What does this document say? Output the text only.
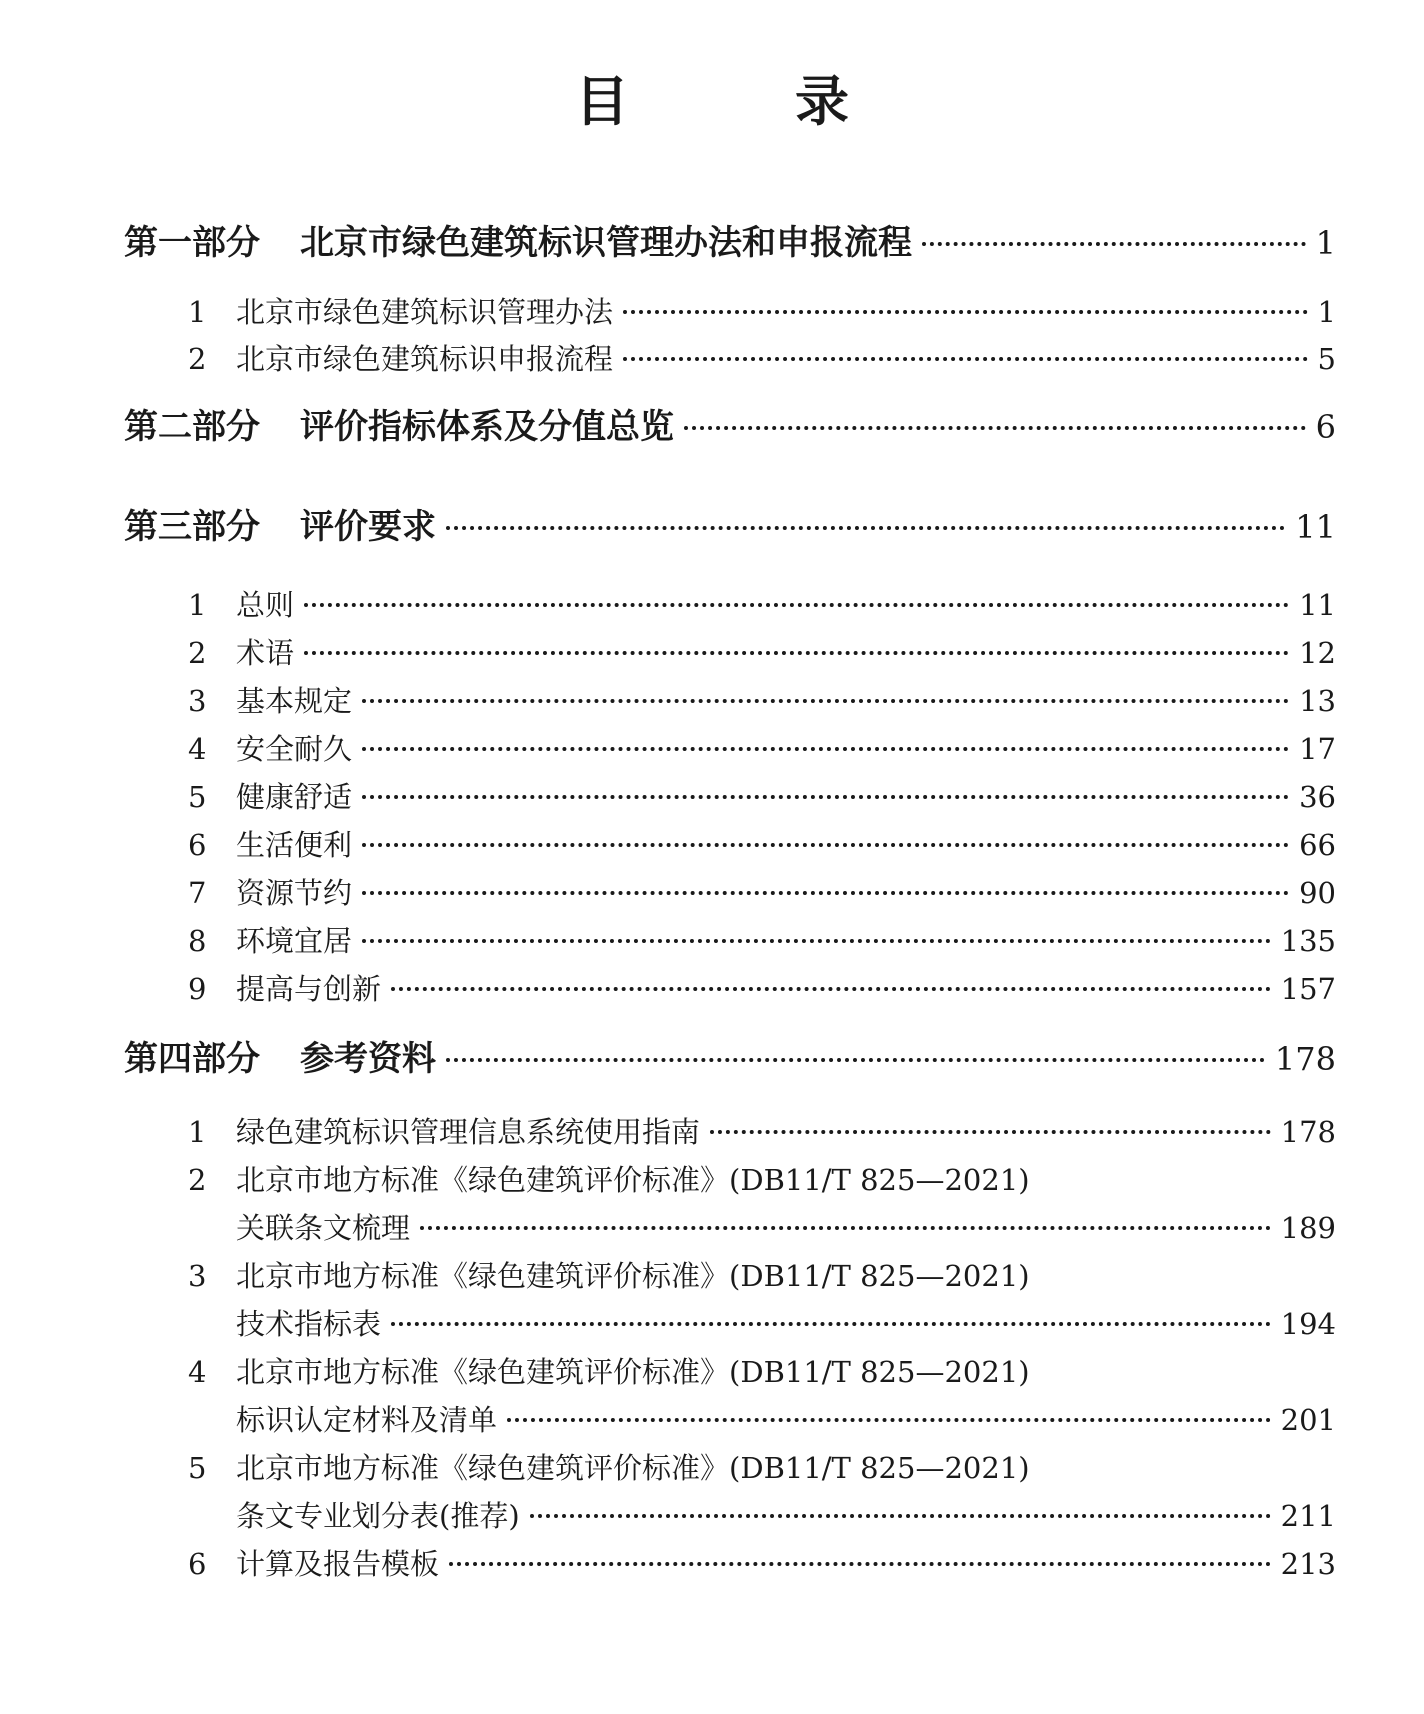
目　录
第一部分 北京市绿色建筑标识管理办法和申报流程	1
1	北京市绿色建筑标识管理办法	1
2	北京市绿色建筑标识申报流程	5
第二部分 评价指标体系及分值总览	6
第三部分 评价要求	11
1	总则	11
2	术语	12
3	基本规定	13
4	安全耐久	17
5	健康舒适	36
6	生活便利	66
7	资源节约	90
8	环境宜居	135
9	提高与创新	157
第四部分 参考资料	178
1	绿色建筑标识管理信息系统使用指南	178
2	北京市地方标准《绿色建筑评价标准》(DB11/T 825—2021)
关联条文梳理	189
3	北京市地方标准《绿色建筑评价标准》(DB11/T 825—2021)
技术指标表	194
4	北京市地方标准《绿色建筑评价标准》(DB11/T 825—2021)
标识认定材料及清单	201
5	北京市地方标准《绿色建筑评价标准》(DB11/T 825—2021)
条文专业划分表(推荐)	211
6	计算及报告模板	213
